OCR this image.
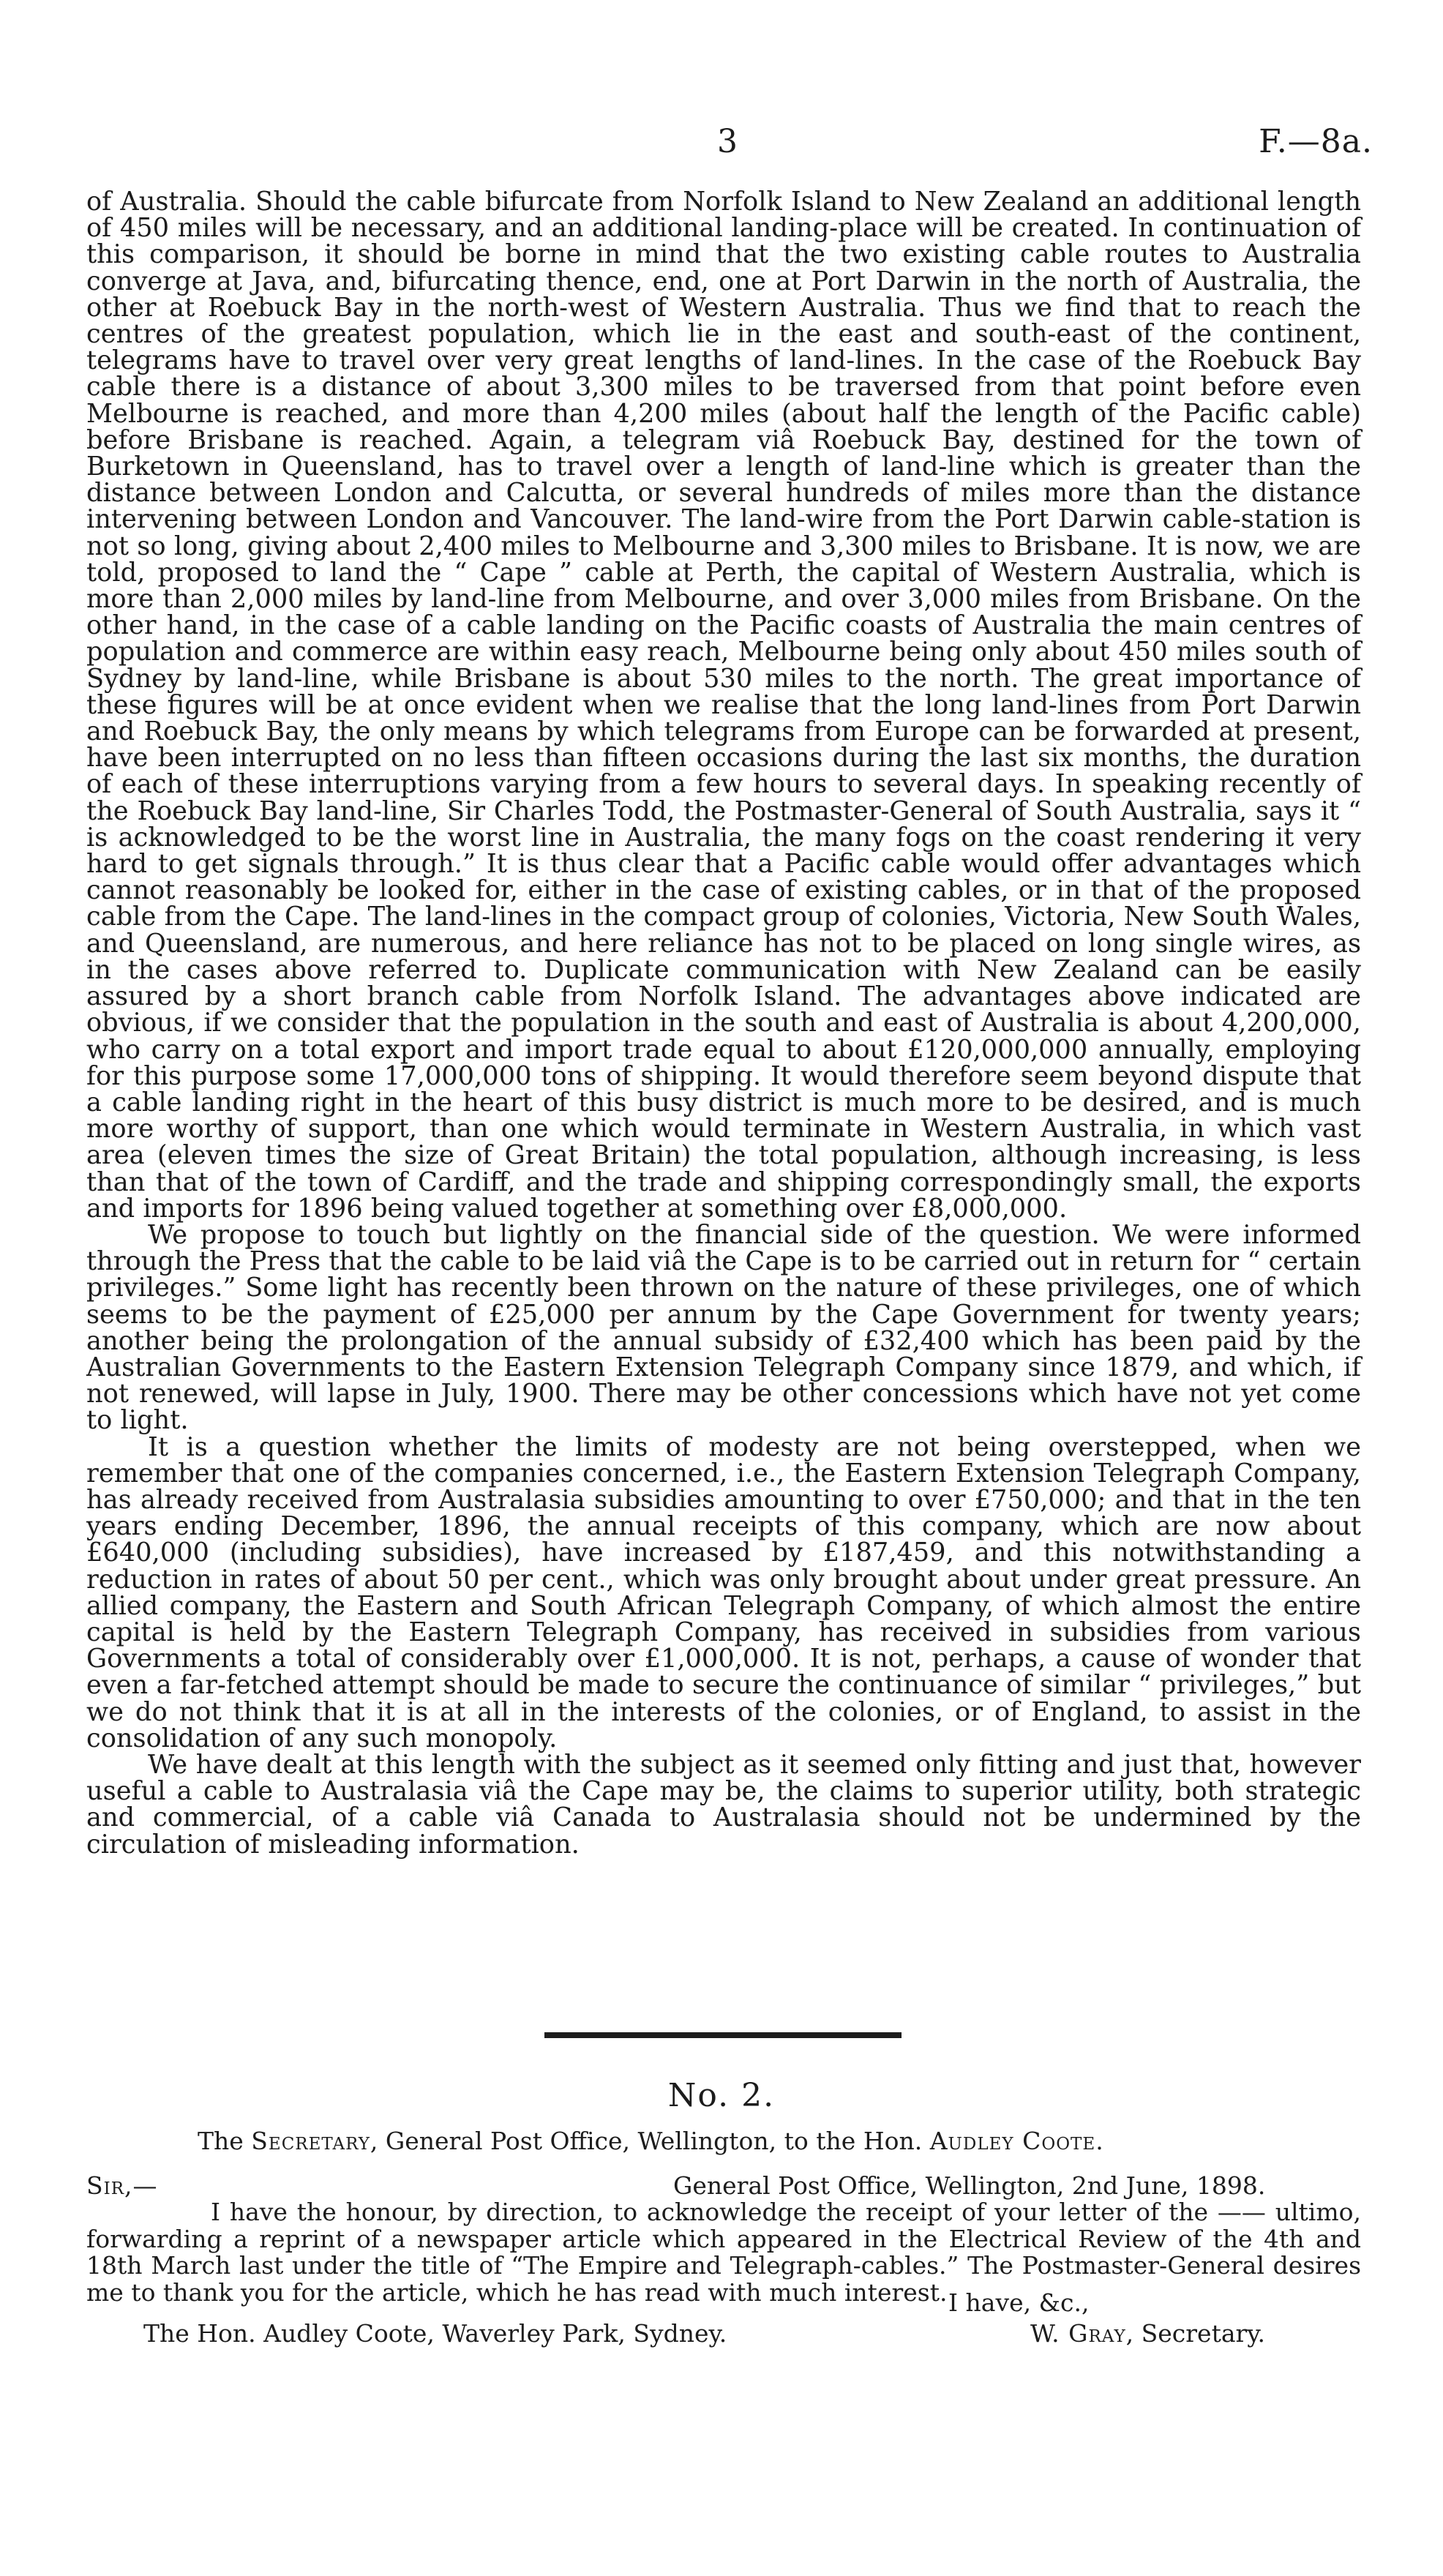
3	F.—8a.

of Australia. Should the cable bifurcate from Norfolk Island to New Zealand an additional length of 450 miles will be necessary, and an additional landing-place will be created. In continuation of this comparison, it should be borne in mind that the two existing cable routes to Australia converge at Java, and, bifurcating thence, end, one at Port Darwin in the north of Australia, the other at Roebuck Bay in the north-west of Western Australia. Thus we find that to reach the centres of the greatest population, which lie in the east and south-east of the continent, telegrams have to travel over very great lengths of land-lines. In the case of the Roebuck Bay cable there is a distance of about 3,300 miles to be traversed from that point before even Melbourne is reached, and more than 4,200 miles (about half the length of the Pacific cable) before Brisbane is reached. Again, a telegram viâ Roebuck Bay, destined for the town of Burketown in Queensland, has to travel over a length of land-line which is greater than the distance between London and Calcutta, or several hundreds of miles more than the distance intervening between London and Vancouver. The land-wire from the Port Darwin cable-station is not so long, giving about 2,400 miles to Melbourne and 3,300 miles to Brisbane. It is now, we are told, proposed to land the “ Cape ” cable at Perth, the capital of Western Australia, which is more than 2,000 miles by land-line from Melbourne, and over 3,000 miles from Brisbane. On the other hand, in the case of a cable landing on the Pacific coasts of Australia the main centres of population and commerce are within easy reach, Melbourne being only about 450 miles south of Sydney by land-line, while Brisbane is about 530 miles to the north. The great importance of these figures will be at once evident when we realise that the long land-lines from Port Darwin and Roebuck Bay, the only means by which telegrams from Europe can be forwarded at present, have been interrupted on no less than fifteen occasions during the last six months, the duration of each of these interruptions varying from a few hours to several days. In speaking recently of the Roebuck Bay land-line, Sir Charles Todd, the Postmaster-General of South Australia, says it “ is acknowledged to be the worst line in Australia, the many fogs on the coast rendering it very hard to get signals through.” It is thus clear that a Pacific cable would offer advantages which cannot reasonably be looked for, either in the case of existing cables, or in that of the proposed cable from the Cape. The land-lines in the compact group of colonies, Victoria, New South Wales, and Queensland, are numerous, and here reliance has not to be placed on long single wires, as in the cases above referred to. Duplicate communication with New Zealand can be easily assured by a short branch cable from Norfolk Island. The advantages above indicated are obvious, if we consider that the population in the south and east of Australia is about 4,200,000, who carry on a total export and import trade equal to about £120,000,000 annually, employing for this purpose some 17,000,000 tons of shipping. It would therefore seem beyond dispute that a cable landing right in the heart of this busy district is much more to be desired, and is much more worthy of support, than one which would terminate in Western Australia, in which vast area (eleven times the size of Great Britain) the total population, although increasing, is less than that of the town of Cardiff, and the trade and shipping correspondingly small, the exports and imports for 1896 being valued together at something over £8,000,000.

We propose to touch but lightly on the financial side of the question. We were informed through the Press that the cable to be laid viâ the Cape is to be carried out in return for “ certain privileges.” Some light has recently been thrown on the nature of these privileges, one of which seems to be the payment of £25,000 per annum by the Cape Government for twenty years; another being the prolongation of the annual subsidy of £32,400 which has been paid by the Australian Governments to the Eastern Extension Telegraph Company since 1879, and which, if not renewed, will lapse in July, 1900. There may be other concessions which have not yet come to light.

It is a question whether the limits of modesty are not being overstepped, when we remember that one of the companies concerned, i.e., the Eastern Extension Telegraph Company, has already received from Australasia subsidies amounting to over £750,000; and that in the ten years ending December, 1896, the annual receipts of this company, which are now about £640,000 (including subsidies), have increased by £187,459, and this notwithstanding a reduction in rates of about 50 per cent., which was only brought about under great pressure. An allied company, the Eastern and South African Telegraph Company, of which almost the entire capital is held by the Eastern Telegraph Company, has received in subsidies from various Governments a total of considerably over £1,000,000. It is not, perhaps, a cause of wonder that even a far-fetched attempt should be made to secure the continuance of similar “ privileges,” but we do not think that it is at all in the interests of the colonies, or of England, to assist in the consolidation of any such monopoly.

We have dealt at this length with the subject as it seemed only fitting and just that, however useful a cable to Australasia viâ the Cape may be, the claims to superior utility, both strategic and commercial, of a cable viâ Canada to Australasia should not be undermined by the circulation of misleading information.

No. 2.
The Secretary, General Post Office, Wellington, to the Hon. Audley Coote.
Sir,—	General Post Office, Wellington, 2nd June, 1898.

I have the honour, by direction, to acknowledge the receipt of your letter of the —— ultimo, forwarding a reprint of a newspaper article which appeared in the Electrical Review of the 4th and 18th March last under the title of “The Empire and Telegraph-cables.” The Postmaster-General desires me to thank you for the article, which he has read with much interest. I have, &c.,
The Hon. Audley Coote, Waverley Park, Sydney.	W. Gray, Secretary.
